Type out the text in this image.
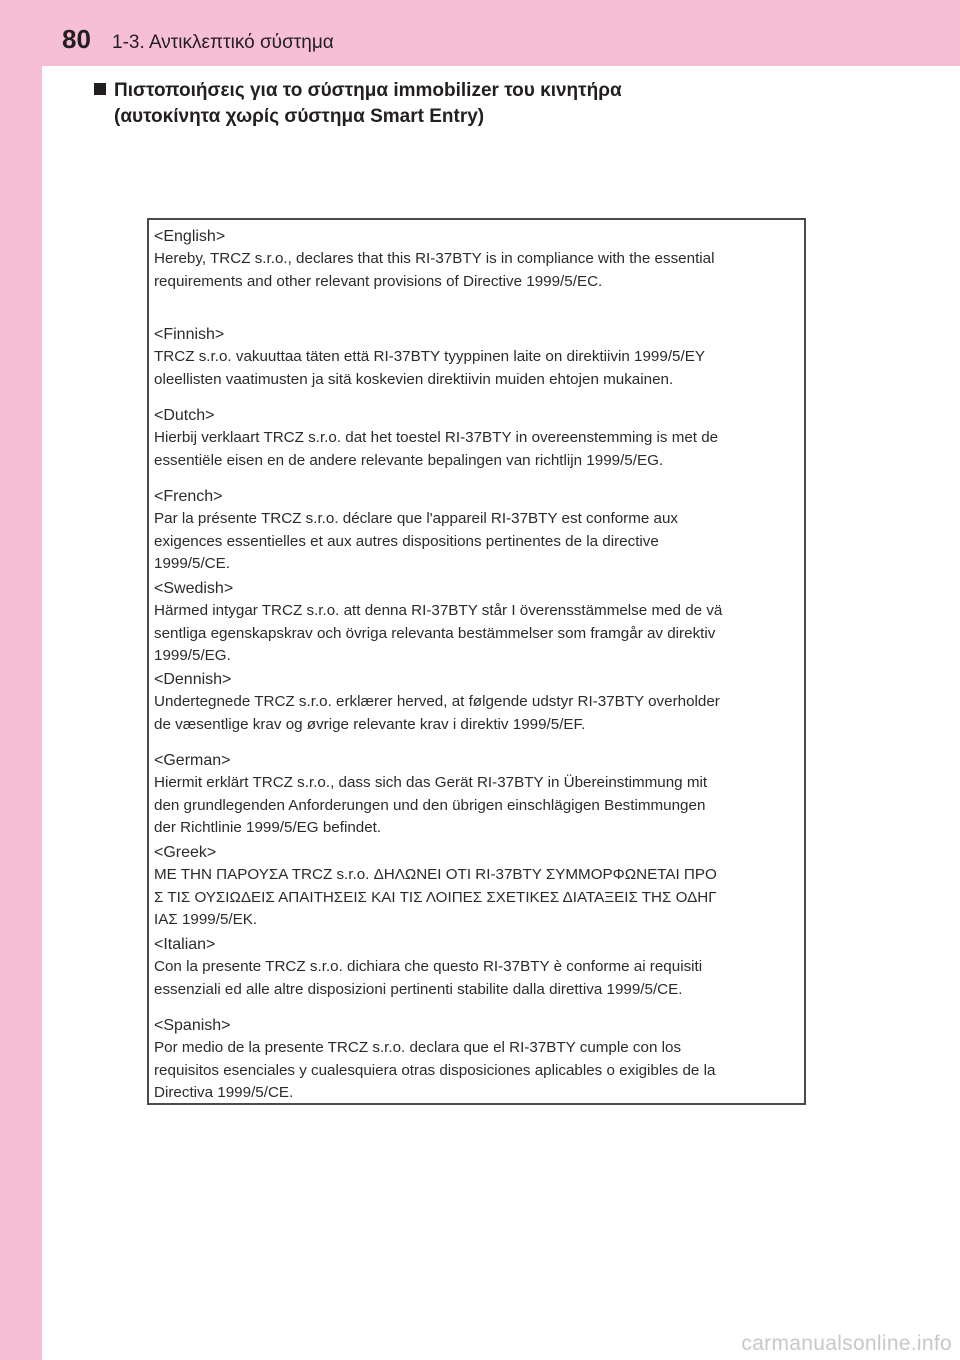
80 1-3. Αντικλεπτικό σύστημα
Πιστοποιήσεις για το σύστημα immobilizer του κινητήρα
(αυτοκίνητα χωρίς σύστημα Smart Entry)
<English>
Hereby, TRCZ s.r.o., declares that this RI-37BTY is in compliance with the essential
requirements and other relevant provisions of Directive 1999/5/EC.
<Finnish>
TRCZ s.r.o. vakuuttaa täten että RI-37BTY tyyppinen laite on direktiivin 1999/5/EY
oleellisten vaatimusten ja sitä koskevien direktiivin muiden ehtojen mukainen.
<Dutch>
Hierbij verklaart TRCZ s.r.o. dat het toestel RI-37BTY in overeenstemming is met de
essentiële eisen en de andere relevante bepalingen van richtlijn 1999/5/EG.
<French>
Par la présente TRCZ s.r.o. déclare que l'appareil RI-37BTY est conforme aux
exigences essentielles et aux autres dispositions pertinentes de la directive
1999/5/CE.
<Swedish>
Härmed intygar TRCZ s.r.o. att denna RI-37BTY står I överensstämmelse med de vä
sentliga egenskapskrav och övriga relevanta bestämmelser som framgår av direktiv
1999/5/EG.
<Dennish>
Undertegnede TRCZ s.r.o. erklærer herved, at følgende udstyr RI-37BTY overholder
de væsentlige krav og øvrige relevante krav i direktiv 1999/5/EF.
<German>
Hiermit erklärt TRCZ s.r.o., dass sich das Gerät RI-37BTY in Übereinstimmung mit
den grundlegenden Anforderungen und den übrigen einschlägigen Bestimmungen
der Richtlinie 1999/5/EG befindet.
<Greek>
ΜΕ ΤΗΝ ΠΑΡΟΥΣΑ TRCZ s.r.o. ΔΗΛΩΝΕΙ ΟΤΙ RI-37BTY ΣΥΜΜΟΡΦΩΝΕΤΑΙ ΠΡΟ
Σ ΤΙΣ ΟΥΣΙΩΔΕΙΣ ΑΠΑΙΤΗΣΕΙΣ ΚΑΙ ΤΙΣ ΛΟΙΠΕΣ ΣΧΕΤΙΚΕΣ ΔΙΑΤΑΞΕΙΣ ΤΗΣ ΟΔΗΓ
ΙΑΣ 1999/5/ΕΚ.
<Italian>
Con la presente TRCZ s.r.o. dichiara che questo RI-37BTY è conforme ai requisiti
essenziali ed alle altre disposizioni pertinenti stabilite dalla direttiva 1999/5/CE.
<Spanish>
Por medio de la presente TRCZ s.r.o. declara que el RI-37BTY cumple con los
requisitos esenciales y cualesquiera otras disposiciones aplicables o exigibles de la
Directiva 1999/5/CE.
carmanualsonline.info
